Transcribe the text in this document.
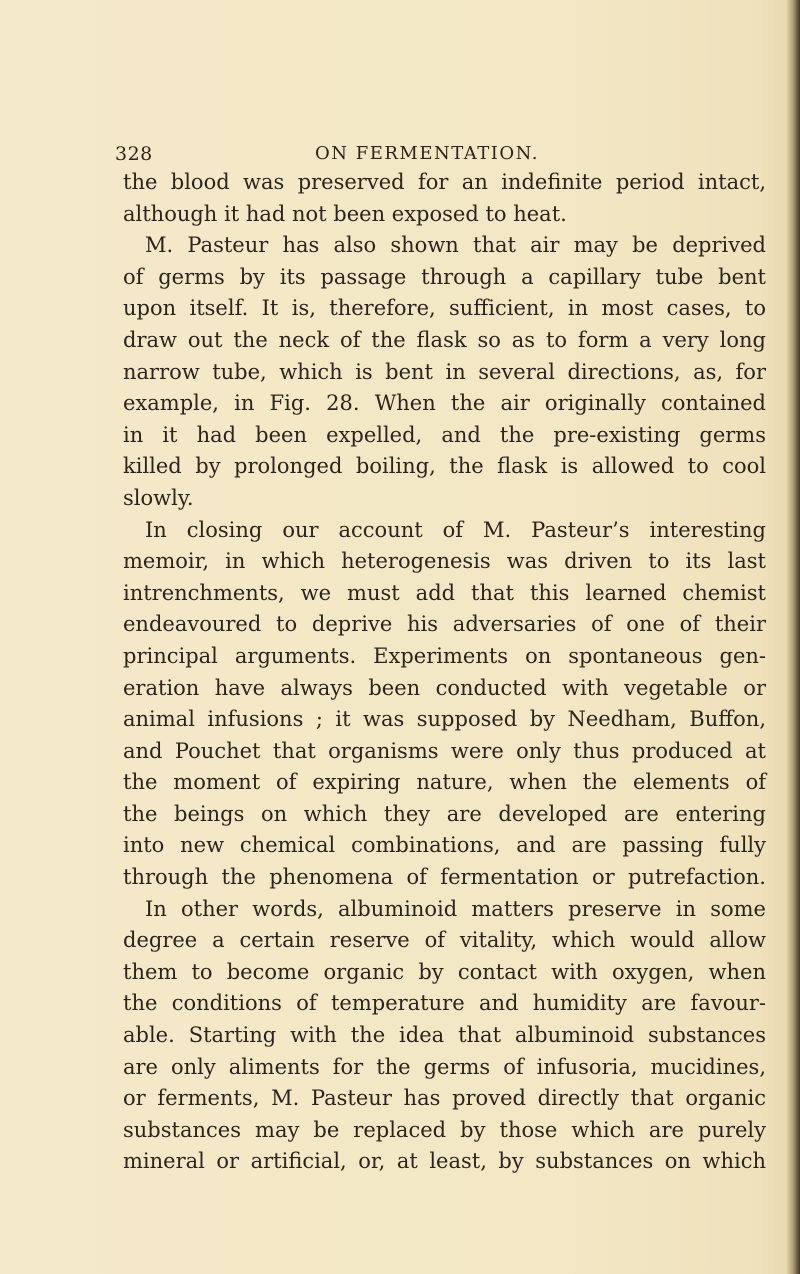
328	ON FERMENTATION.
the blood was preserved for an indefinite period intact,
although it had not been exposed to heat.
M. Pasteur has also shown that air may be deprived
of germs by its passage through a capillary tube bent
upon itself. It is, therefore, sufficient, in most cases, to
draw out the neck of the flask so as to form a very long
narrow tube, which is bent in several directions, as, for
example, in Fig. 28. When the air originally contained
in it had been expelled, and the pre-existing germs
killed by prolonged boiling, the flask is allowed to cool
slowly.
In closing our account of M. Pasteur’s interesting
memoir, in which heterogenesis was driven to its last
intrenchments, we must add that this learned chemist
endeavoured to deprive his adversaries of one of their
principal arguments. Experiments on spontaneous gen-
eration have always been conducted with vegetable or
animal infusions ; it was supposed by Needham, Buffon,
and Pouchet that organisms were only thus produced at
the moment of expiring nature, when the elements of
the beings on which they are developed are entering
into new chemical combinations, and are passing fully
through the phenomena of fermentation or putrefaction.
In other words, albuminoid matters preserve in some
degree a certain reserve of vitality, which would allow
them to become organic by contact with oxygen, when
the conditions of temperature and humidity are favour-
able. Starting with the idea that albuminoid substances
are only aliments for the germs of infusoria, mucidines,
or ferments, M. Pasteur has proved directly that organic
substances may be replaced by those which are purely
mineral or artificial, or, at least, by substances on which
